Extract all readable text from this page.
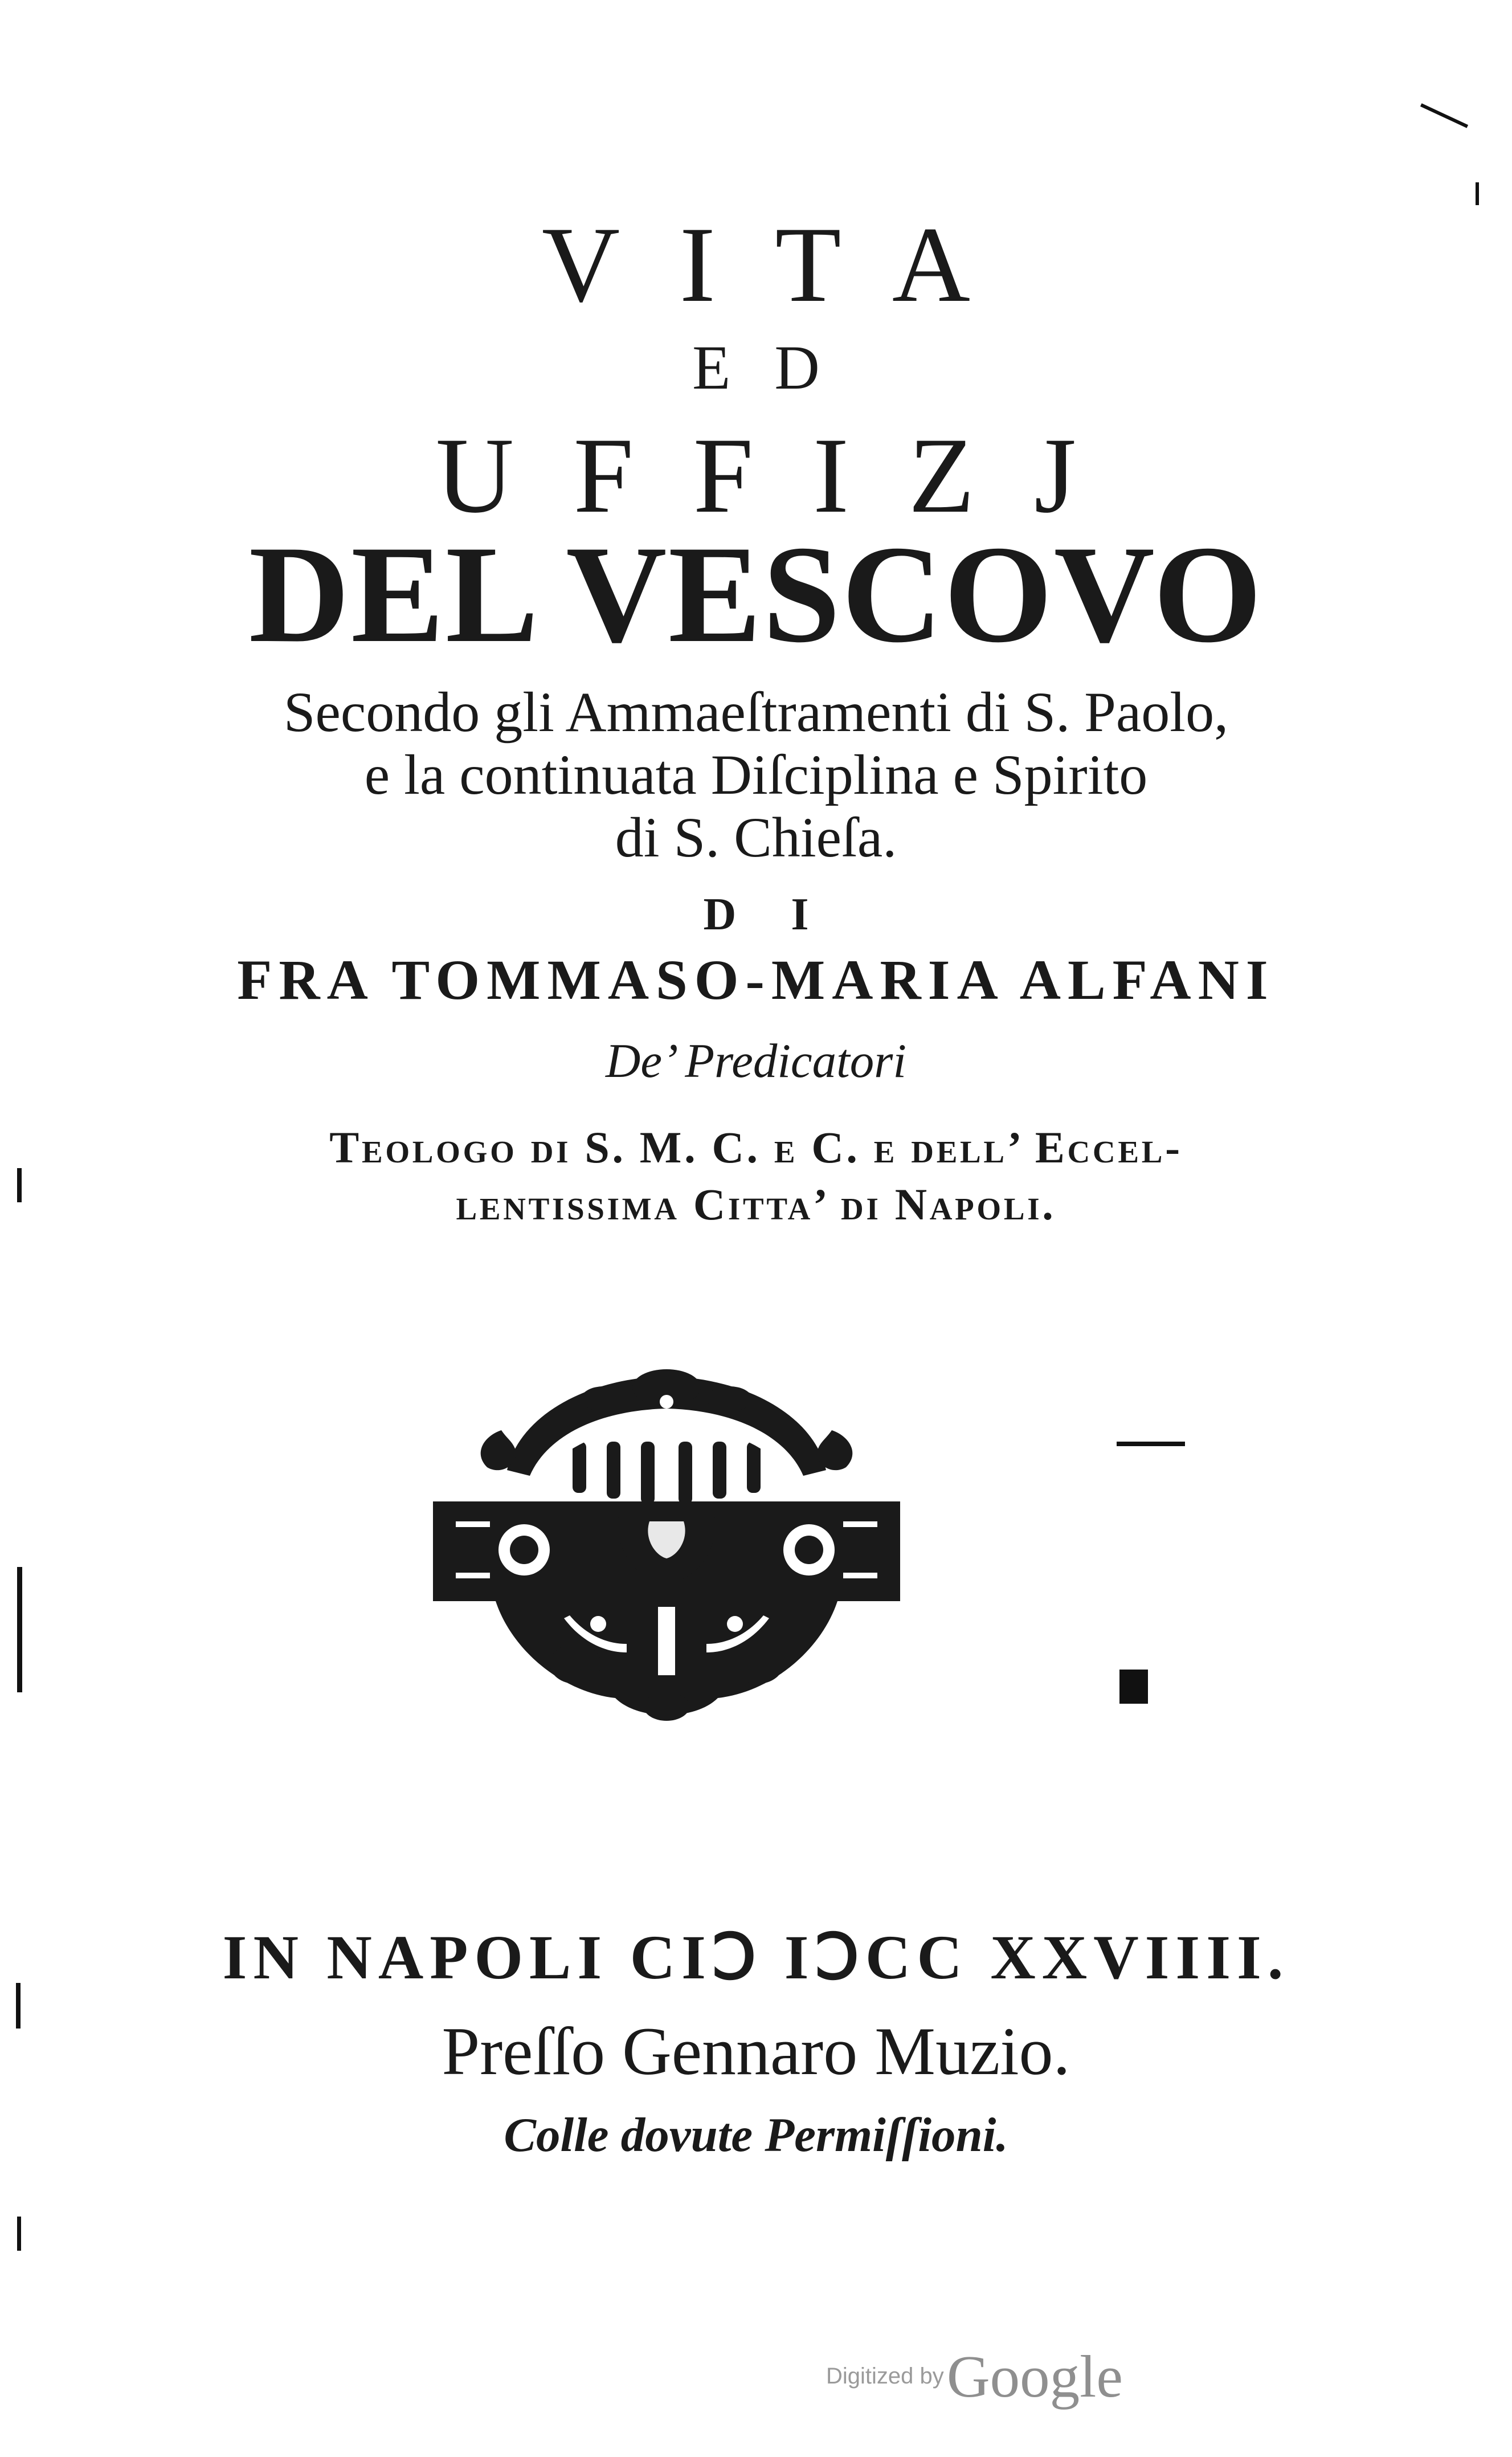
VITA
ED
UFFIZJ
DEL VESCOVO
Secondo gli Ammaeſtramenti di S. Paolo,
e la continuata Diſciplina e Spirito
di S. Chieſa.
DI
FRA TOMMASO-MARIA ALFANI
De’ Predicatori
Teologo di S. M. C. e C. e dell’ Eccel-
lentissima Citta’ di Napoli.
IN NAPOLI CIↃ IↃCC XXVIIII.
Preſſo Gennaro Muzio.
Colle dovute Permiſſioni.
Digitized by Google
